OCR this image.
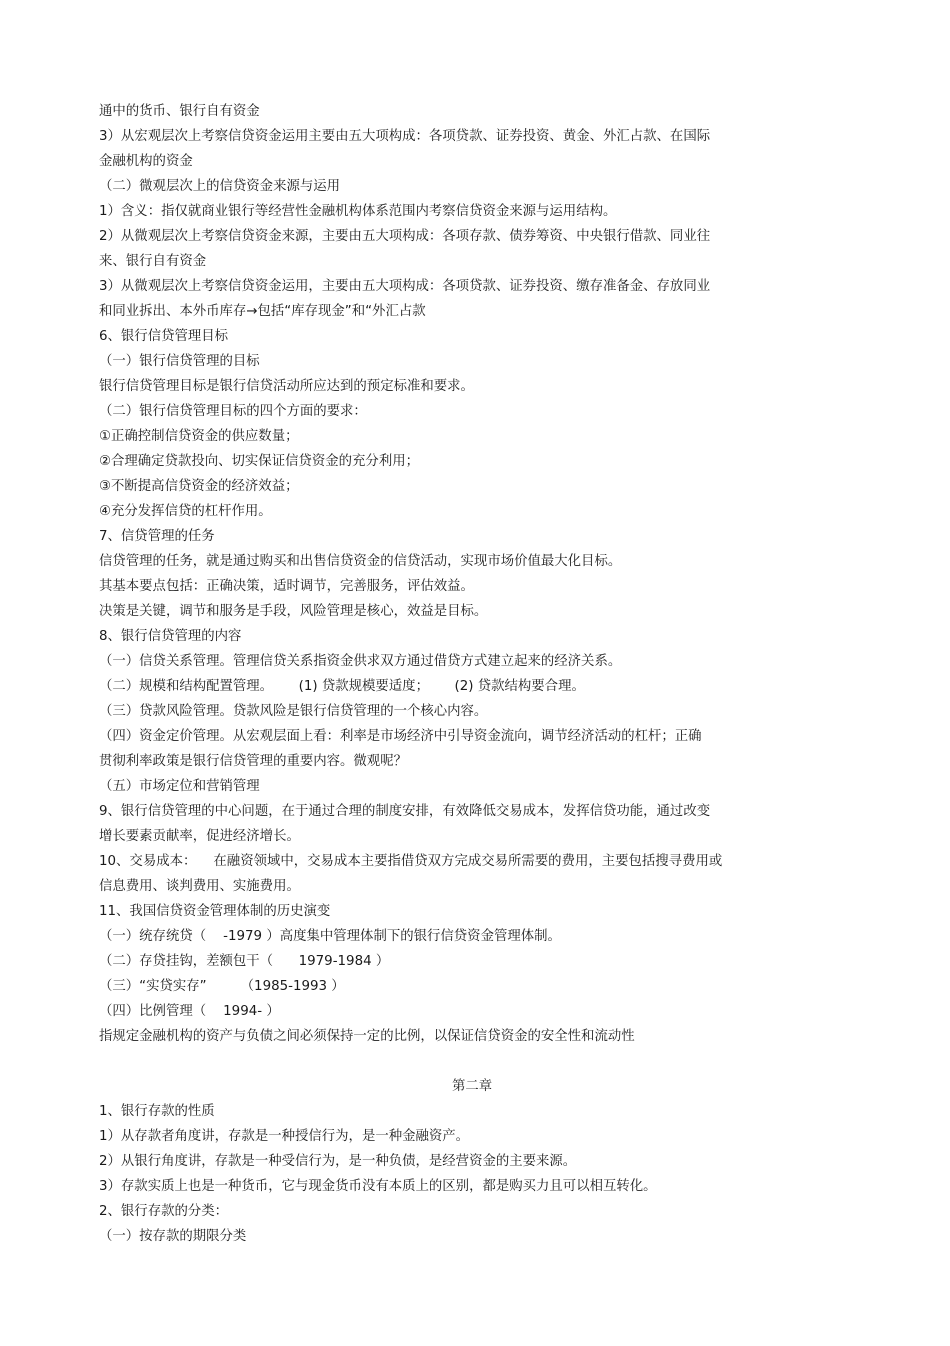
通中的货币、银行自有资金
3）从宏观层次上考察信贷资金运用主要由五大项构成：各项贷款、证券投资、黄金、外汇占款、在国际
金融机构的资金
（二）微观层次上的信贷资金来源与运用
1）含义：指仅就商业银行等经营性金融机构体系范围内考察信贷资金来源与运用结构。
2）从微观层次上考察信贷资金来源，主要由五大项构成：各项存款、债券筹资、中央银行借款、同业往
来、银行自有资金
3）从微观层次上考察信贷资金运用，主要由五大项构成：各项贷款、证券投资、缴存准备金、存放同业
和同业拆出、本外币库存→包括“库存现金”和“外汇占款
6、银行信贷管理目标
（一）银行信贷管理的目标
银行信贷管理目标是银行信贷活动所应达到的预定标准和要求。
（二）银行信贷管理目标的四个方面的要求：
①正确控制信贷资金的供应数量；
②合理确定贷款投向、切实保证信贷资金的充分利用；
③不断提高信贷资金的经济效益；
④充分发挥信贷的杠杆作用。
7、信贷管理的任务
信贷管理的任务，就是通过购买和出售信贷资金的信贷活动，实现市场价值最大化目标。
其基本要点包括：正确决策，适时调节，完善服务，评估效益。
决策是关键，调节和服务是手段，风险管理是核心，效益是目标。
8、银行信贷管理的内容
（一）信贷关系管理。管理信贷关系指资金供求双方通过借贷方式建立起来的经济关系。
（二）规模和结构配置管理。      (1) 贷款规模要适度；      (2) 贷款结构要合理。
（三）贷款风险管理。贷款风险是银行信贷管理的一个核心内容。
（四）资金定价管理。从宏观层面上看：利率是市场经济中引导资金流向，调节经济活动的杠杆；正确
贯彻利率政策是银行信贷管理的重要内容。微观呢？
（五）市场定位和营销管理
9、银行信贷管理的中心问题，在于通过合理的制度安排，有效降低交易成本，发挥信贷功能，通过改变
增长要素贡献率，促进经济增长。
10、交易成本：    在融资领域中，交易成本主要指借贷双方完成交易所需要的费用，主要包括搜寻费用或
信息费用、谈判费用、实施费用。
11、我国信贷资金管理体制的历史演变
（一）统存统贷（    -1979 ）高度集中管理体制下的银行信贷资金管理体制。
（二）存贷挂钩，差额包干（      1979-1984 ）
（三）“实贷实存”        （1985-1993 ）
（四）比例管理（    1994- ）
指规定金融机构的资产与负债之间必须保持一定的比例，以保证信贷资金的安全性和流动性
第二章
1、银行存款的性质
1）从存款者角度讲，存款是一种授信行为，是一种金融资产。
2）从银行角度讲，存款是一种受信行为，是一种负债，是经营资金的主要来源。
3）存款实质上也是一种货币，它与现金货币没有本质上的区别，都是购买力且可以相互转化。
2、银行存款的分类：
（一）按存款的期限分类
